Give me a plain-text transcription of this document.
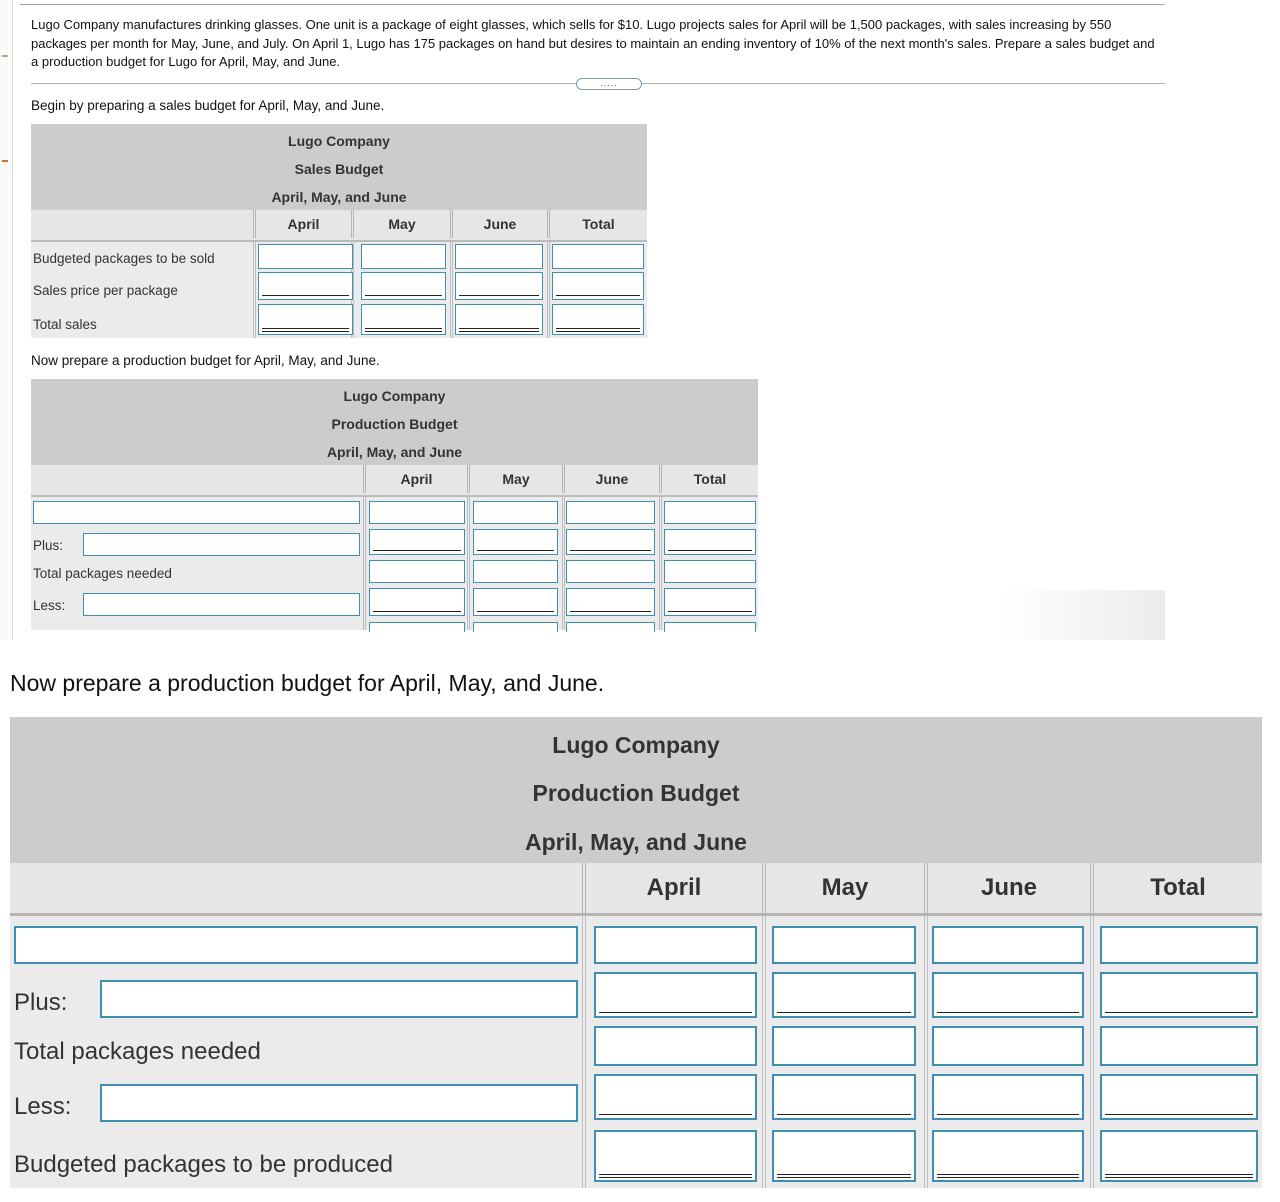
Lugo Company manufactures drinking glasses. One unit is a package of eight glasses, which sells for $10. Lugo projects sales for April will be 1,500 packages, with sales increasing by 550 packages per month for May, June, and July. On April 1, Lugo has 175 packages on hand but desires to maintain an ending inventory of 10% of the next month's sales. Prepare a sales budget and a production budget for Lugo for April, May, and June.
.....
Begin by preparing a sales budget for April, May, and June.
Lugo Company
Sales Budget
April, May, and June
April	May	June	Total
Budgeted packages to be sold
Sales price per package
Total sales
Now prepare a production budget for April, May, and June.
Lugo Company
Production Budget
April, May, and June
April	May	June	Total
Plus:
Total packages needed
Less:
Now prepare a production budget for April, May, and June.
Lugo Company
Production Budget
April, May, and June
April	May	June	Total
Plus:
Total packages needed
Less:
Budgeted packages to be produced
